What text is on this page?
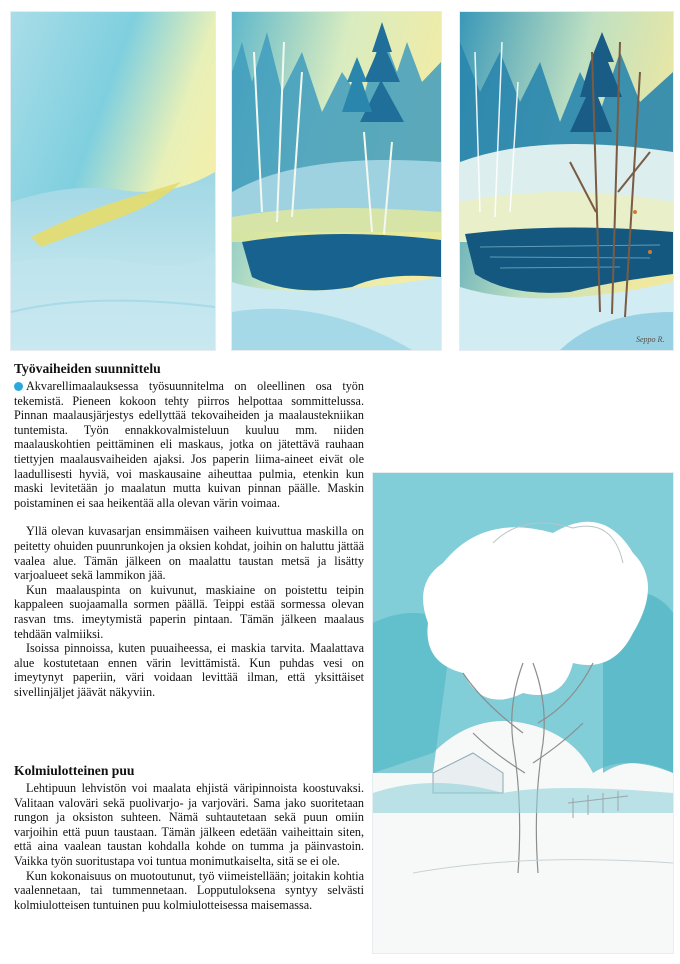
Seppo R.
Työvaiheiden suunnittelu

Akvarellimaalauksessa työsuunnitelma on oleellinen osa työn tekemistä. Pieneen kokoon tehty piirros helpottaa sommittelussa. Pinnan maalausjärjestys edellyttää tekovaiheiden ja maalaustekniikan tuntemista. Työn ennakkovalmisteluun kuuluu mm. niiden maalauskohtien peittäminen eli maskaus, jotka on jätettävä rauhaan tiettyjen maalausvaiheiden ajaksi. Jos paperin liima-aineet eivät ole laadullisesti hyviä, voi maskausaine aiheuttaa pulmia, etenkin kun maski levitetään jo maalatun mutta kuivan pinnan päälle. Maskin poistaminen ei saa heikentää alla olevan värin voimaa.

Yllä olevan kuvasarjan ensimmäisen vaiheen kuivuttua maskilla on peitetty ohuiden puunrunkojen ja oksien kohdat, joihin on haluttu jättää vaalea alue. Tämän jälkeen on maalattu taustan metsä ja lisätty varjoalueet sekä lammikon jää.

Kun maalauspinta on kuivunut, maskiaine on poistettu teipin kappaleen suojaamalla sormen päällä. Teippi estää sormessa olevan rasvan tms. imeytymistä paperin pintaan. Tämän jälkeen maalaus tehdään valmiiksi.

Isoissa pinnoissa, kuten puuaiheessa, ei maskia tarvita. Maalattava alue kostutetaan ennen värin levittämistä. Kun puhdas vesi on imeytynyt paperiin, väri voidaan levittää ilman, että yksittäiset sivellinjäljet jäävät näkyviin.

Kolmiulotteinen puu

Lehtipuun lehvistön voi maalata ehjistä väripinnoista koostuvaksi. Valitaan valoväri sekä puolivarjo- ja varjoväri. Sama jako suoritetaan rungon ja oksiston suhteen. Nämä suhtautetaan sekä puun omiin varjoihin että puun taustaan. Tämän jälkeen edetään vaiheittain siten, että aina vaalean taustan kohdalla kohde on tumma ja päinvastoin. Vaikka työn suoritustapa voi tuntua monimutkaiselta, sitä se ei ole.

Kun kokonaisuus on muotoutunut, työ viimeistellään; joitakin kohtia vaalennetaan, tai tummennetaan. Lopputuloksena syntyy selvästi kolmiulotteisen tuntuinen puu kolmiulotteisessa maisemassa.
